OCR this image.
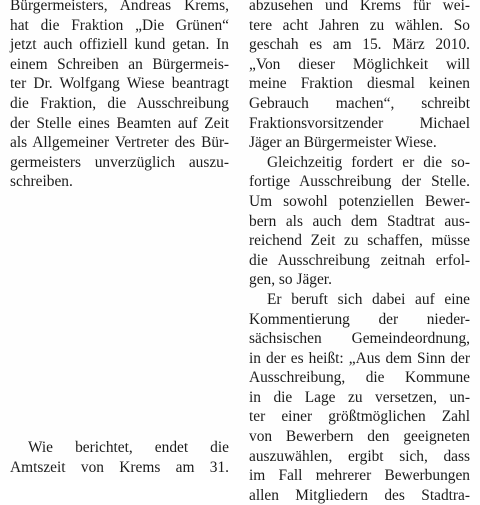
Bürgermeisters, Andreas Krems,
hat die Fraktion „Die Grünen“
jetzt auch offiziell kund getan. In
einem Schreiben an Bürgermeis-
ter Dr. Wolfgang Wiese beantragt
die Fraktion, die Ausschreibung
der Stelle eines Beamten auf Zeit
als Allgemeiner Vertreter des Bür-
germeisters unverzüglich auszu-
schreiben.
Wie berichtet, endet die
Amtszeit von Krems am 31.
abzusehen und Krems für wei-
tere acht Jahren zu wählen. So
geschah es am 15. März 2010.
„Von dieser Möglichkeit will
meine Fraktion diesmal keinen
Gebrauch machen“, schreibt
Fraktionsvorsitzender Michael
Jäger an Bürgermeister Wiese.
Gleichzeitig fordert er die so-
fortige Ausschreibung der Stelle.
Um sowohl potenziellen Bewer-
bern als auch dem Stadtrat aus-
reichend Zeit zu schaffen, müsse
die Ausschreibung zeitnah erfol-
gen, so Jäger.
Er beruft sich dabei auf eine
Kommentierung der nieder-
sächsischen Gemeindeordnung,
in der es heißt: „Aus dem Sinn der
Ausschreibung, die Kommune
in die Lage zu versetzen, un-
ter einer größtmöglichen Zahl
von Bewerbern den geeigneten
auszuwählen, ergibt sich, dass
im Fall mehrerer Bewerbungen
allen Mitgliedern des Stadtra-
